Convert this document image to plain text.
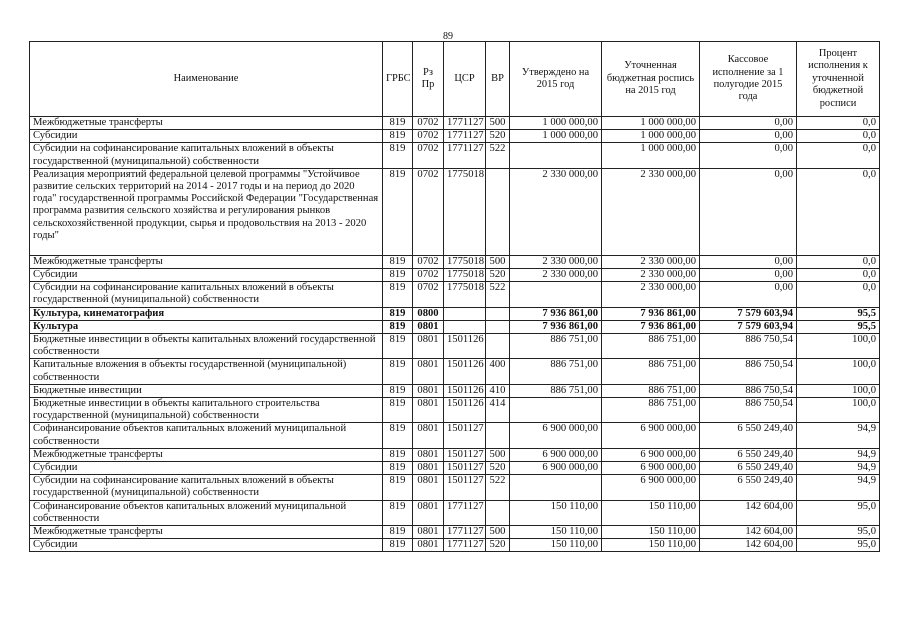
89
Наименование	ГРБС	Рз Пр	ЦСР	ВР	Утверждено на 2015 год	Уточненная бюджетная роспись на 2015 год	Кассовое исполнение за 1 полугодие 2015 года	Процент исполнения к уточненной бюджетной росписи
Межбюджетные трансферты	819	0702	1771127	500	1 000 000,00	1 000 000,00	0,00	0,0
Субсидии	819	0702	1771127	520	1 000 000,00	1 000 000,00	0,00	0,0
Субсидии на софинансирование капитальных вложений в объекты государственной (муниципальной) собственности	819	0702	1771127	522		1 000 000,00	0,00	0,0
Реализация мероприятий федеральной целевой программы "Устойчивое развитие сельских территорий на 2014 - 2017 годы и на период до 2020 года" государственной программы Российской Федерации "Государственная программа развития сельского хозяйства и регулирования рынков сельскохозяйственной продукции, сырья и продовольствия на 2013 - 2020 годы"	819	0702	1775018		2 330 000,00	2 330 000,00	0,00	0,0
Межбюджетные трансферты	819	0702	1775018	500	2 330 000,00	2 330 000,00	0,00	0,0
Субсидии	819	0702	1775018	520	2 330 000,00	2 330 000,00	0,00	0,0
Субсидии на софинансирование капитальных вложений в объекты государственной (муниципальной) собственности	819	0702	1775018	522		2 330 000,00	0,00	0,0
Культура, кинематография	819	0800			7 936 861,00	7 936 861,00	7 579 603,94	95,5
Культура	819	0801			7 936 861,00	7 936 861,00	7 579 603,94	95,5
Бюджетные инвестиции в объекты капитальных вложений государственной собственности	819	0801	1501126		886 751,00	886 751,00	886 750,54	100,0
Капитальные вложения в объекты государственной (муниципальной) собственности	819	0801	1501126	400	886 751,00	886 751,00	886 750,54	100,0
Бюджетные инвестиции	819	0801	1501126	410	886 751,00	886 751,00	886 750,54	100,0
Бюджетные инвестиции в объекты капитального строительства государственной (муниципальной) собственности	819	0801	1501126	414		886 751,00	886 750,54	100,0
Софинансирование объектов капитальных вложений муниципальной собственности	819	0801	1501127		6 900 000,00	6 900 000,00	6 550 249,40	94,9
Межбюджетные трансферты	819	0801	1501127	500	6 900 000,00	6 900 000,00	6 550 249,40	94,9
Субсидии	819	0801	1501127	520	6 900 000,00	6 900 000,00	6 550 249,40	94,9
Субсидии на софинансирование капитальных вложений в объекты государственной (муниципальной) собственности	819	0801	1501127	522		6 900 000,00	6 550 249,40	94,9
Софинансирование объектов капитальных вложений муниципальной собственности	819	0801	1771127		150 110,00	150 110,00	142 604,00	95,0
Межбюджетные трансферты	819	0801	1771127	500	150 110,00	150 110,00	142 604,00	95,0
Субсидии	819	0801	1771127	520	150 110,00	150 110,00	142 604,00	95,0
